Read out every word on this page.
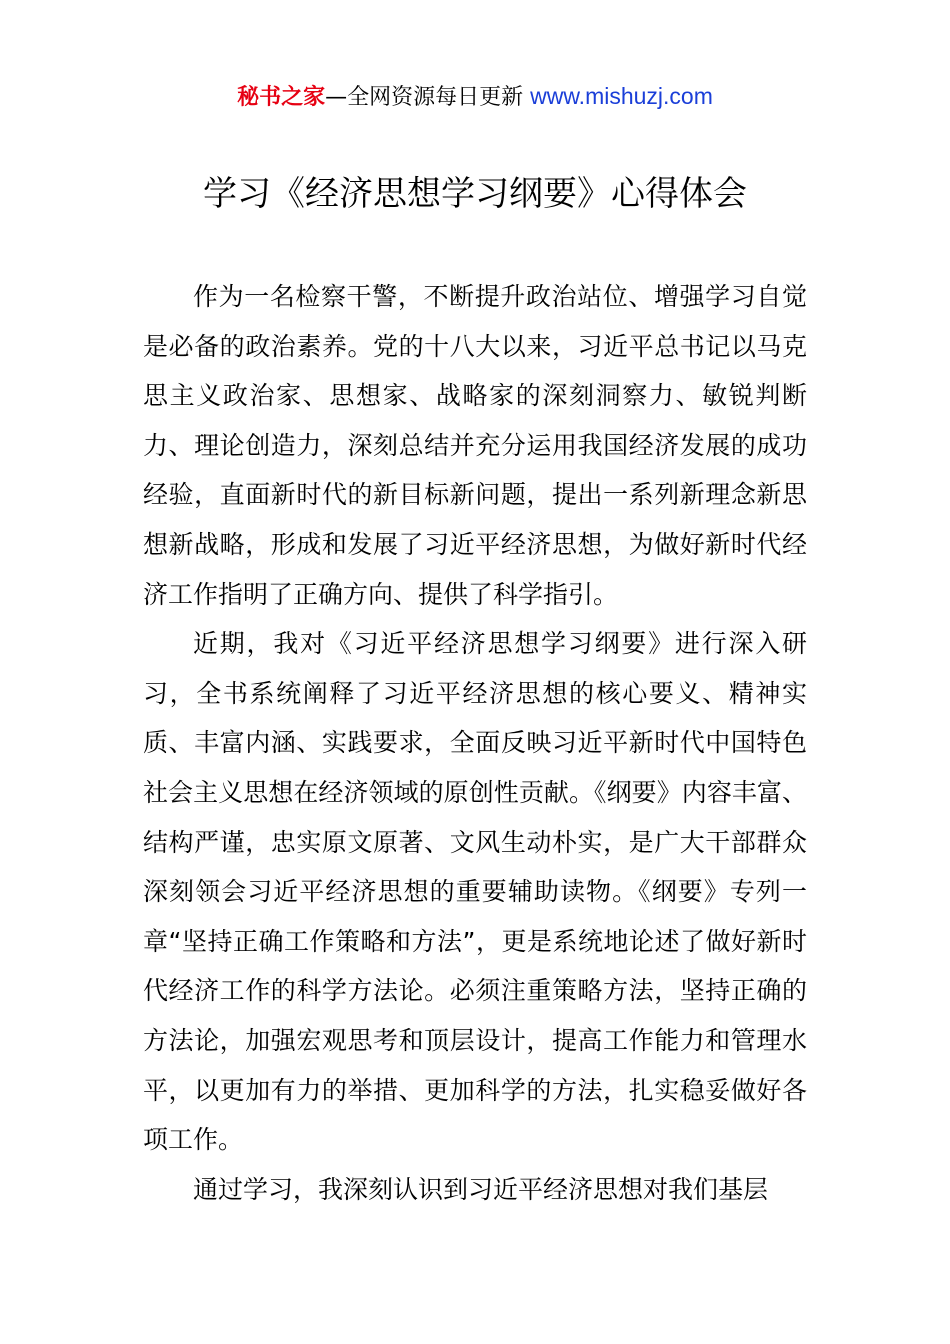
秘书之家—全网资源每日更新 www.mishuzj.com
学习《经济思想学习纲要》心得体会

作为一名检察干警，不断提升政治站位、增强学习自觉是必备的政治素养。党的十八大以来，习近平总书记以马克思主义政治家、思想家、战略家的深刻洞察力、敏锐判断力、理论创造力，深刻总结并充分运用我国经济发展的成功经验，直面新时代的新目标新问题，提出一系列新理念新思想新战略，形成和发展了习近平经济思想，为做好新时代经济工作指明了正确方向、提供了科学指引。

近期，我对《习近平经济思想学习纲要》进行深入研习，全书系统阐释了习近平经济思想的核心要义、精神实质、丰富内涵、实践要求，全面反映习近平新时代中国特色社会主义思想在经济领域的原创性贡献。《纲要》内容丰富、结构严谨，忠实原文原著、文风生动朴实，是广大干部群众深刻领会习近平经济思想的重要辅助读物。《纲要》专列一章“坚持正确工作策略和方法”，更是系统地论述了做好新时代经济工作的科学方法论。必须注重策略方法，坚持正确的方法论，加强宏观思考和顶层设计，提高工作能力和管理水平，以更加有力的举措、更加科学的方法，扎实稳妥做好各项工作。

通过学习，我深刻认识到习近平经济思想对我们基层
